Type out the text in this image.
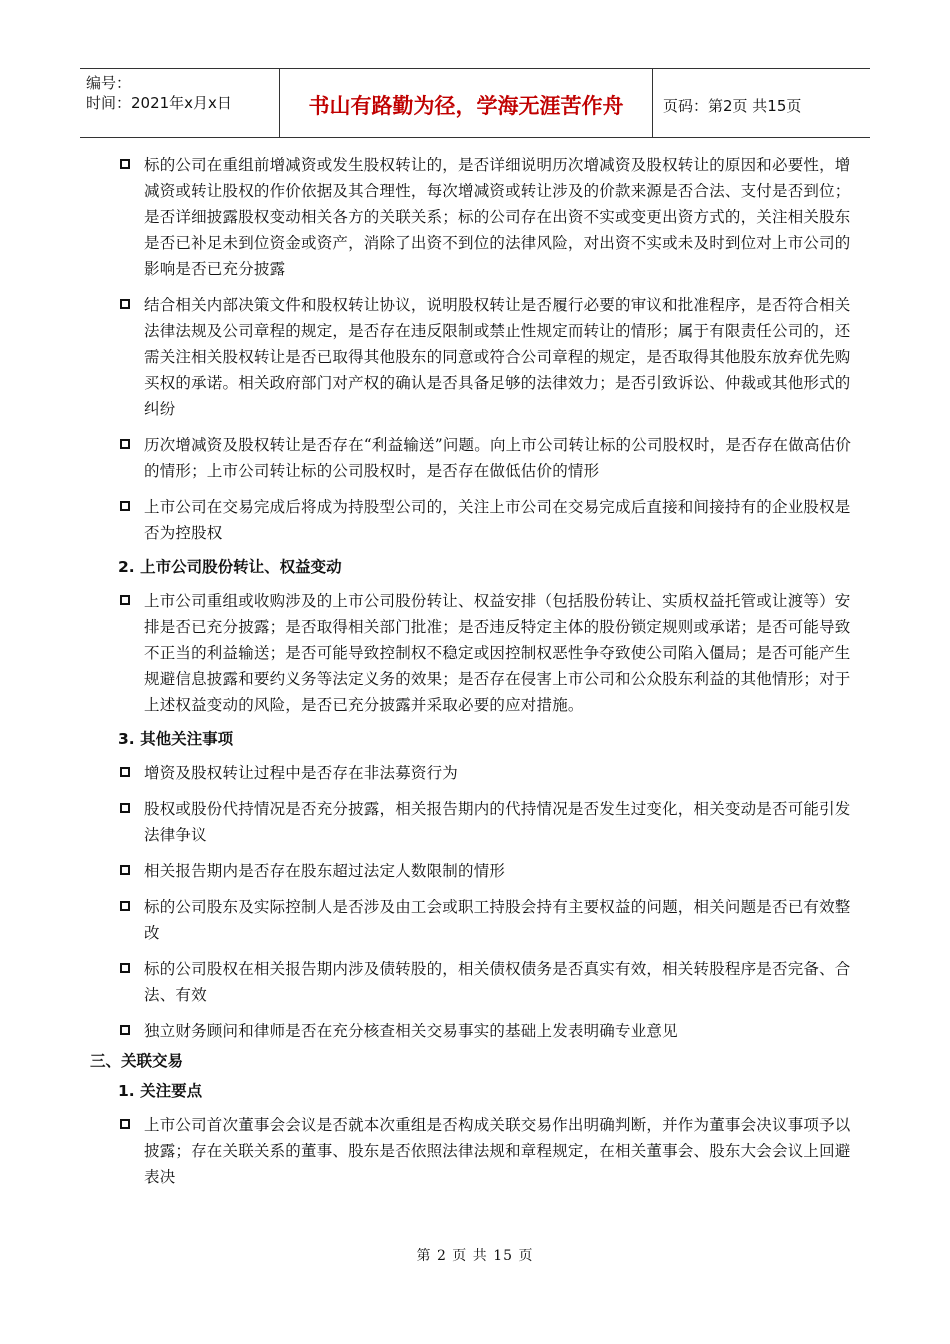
编号：
时间：2021年x月x日	书山有路勤为径，学海无涯苦作舟	页码：第2页 共15页
标的公司在重组前增减资或发生股权转让的，是否详细说明历次增减资及股权转让的原因和必要性，增减资或转让股权的作价依据及其合理性，每次增减资或转让涉及的价款来源是否合法、支付是否到位；是否详细披露股权变动相关各方的关联关系；标的公司存在出资不实或变更出资方式的，关注相关股东是否已补足未到位资金或资产，消除了出资不到位的法律风险，对出资不实或未及时到位对上市公司的影响是否已充分披露
结合相关内部决策文件和股权转让协议，说明股权转让是否履行必要的审议和批准程序，是否符合相关法律法规及公司章程的规定，是否存在违反限制或禁止性规定而转让的情形；属于有限责任公司的，还需关注相关股权转让是否已取得其他股东的同意或符合公司章程的规定，是否取得其他股东放弃优先购买权的承诺。相关政府部门对产权的确认是否具备足够的法律效力；是否引致诉讼、仲裁或其他形式的纠纷
历次增减资及股权转让是否存在“利益输送”问题。向上市公司转让标的公司股权时，是否存在做高估价的情形；上市公司转让标的公司股权时，是否存在做低估价的情形
上市公司在交易完成后将成为持股型公司的，关注上市公司在交易完成后直接和间接持有的企业股权是否为控股权
2. 上市公司股份转让、权益变动
上市公司重组或收购涉及的上市公司股份转让、权益安排（包括股份转让、实质权益托管或让渡等）安排是否已充分披露；是否取得相关部门批准；是否违反特定主体的股份锁定规则或承诺；是否可能导致不正当的利益输送；是否可能导致控制权不稳定或因控制权恶性争夺致使公司陷入僵局；是否可能产生规避信息披露和要约义务等法定义务的效果；是否存在侵害上市公司和公众股东利益的其他情形；对于上述权益变动的风险，是否已充分披露并采取必要的应对措施。
3. 其他关注事项
增资及股权转让过程中是否存在非法募资行为
股权或股份代持情况是否充分披露，相关报告期内的代持情况是否发生过变化，相关变动是否可能引发法律争议
相关报告期内是否存在股东超过法定人数限制的情形
标的公司股东及实际控制人是否涉及由工会或职工持股会持有主要权益的问题，相关问题是否已有效整改
标的公司股权在相关报告期内涉及债转股的，相关债权债务是否真实有效，相关转股程序是否完备、合法、有效
独立财务顾问和律师是否在充分核查相关交易事实的基础上发表明确专业意见
三、关联交易
1. 关注要点
上市公司首次董事会会议是否就本次重组是否构成关联交易作出明确判断，并作为董事会决议事项予以披露；存在关联关系的董事、股东是否依照法律法规和章程规定，在相关董事会、股东大会会议上回避表决
第 2 页 共 15 页
